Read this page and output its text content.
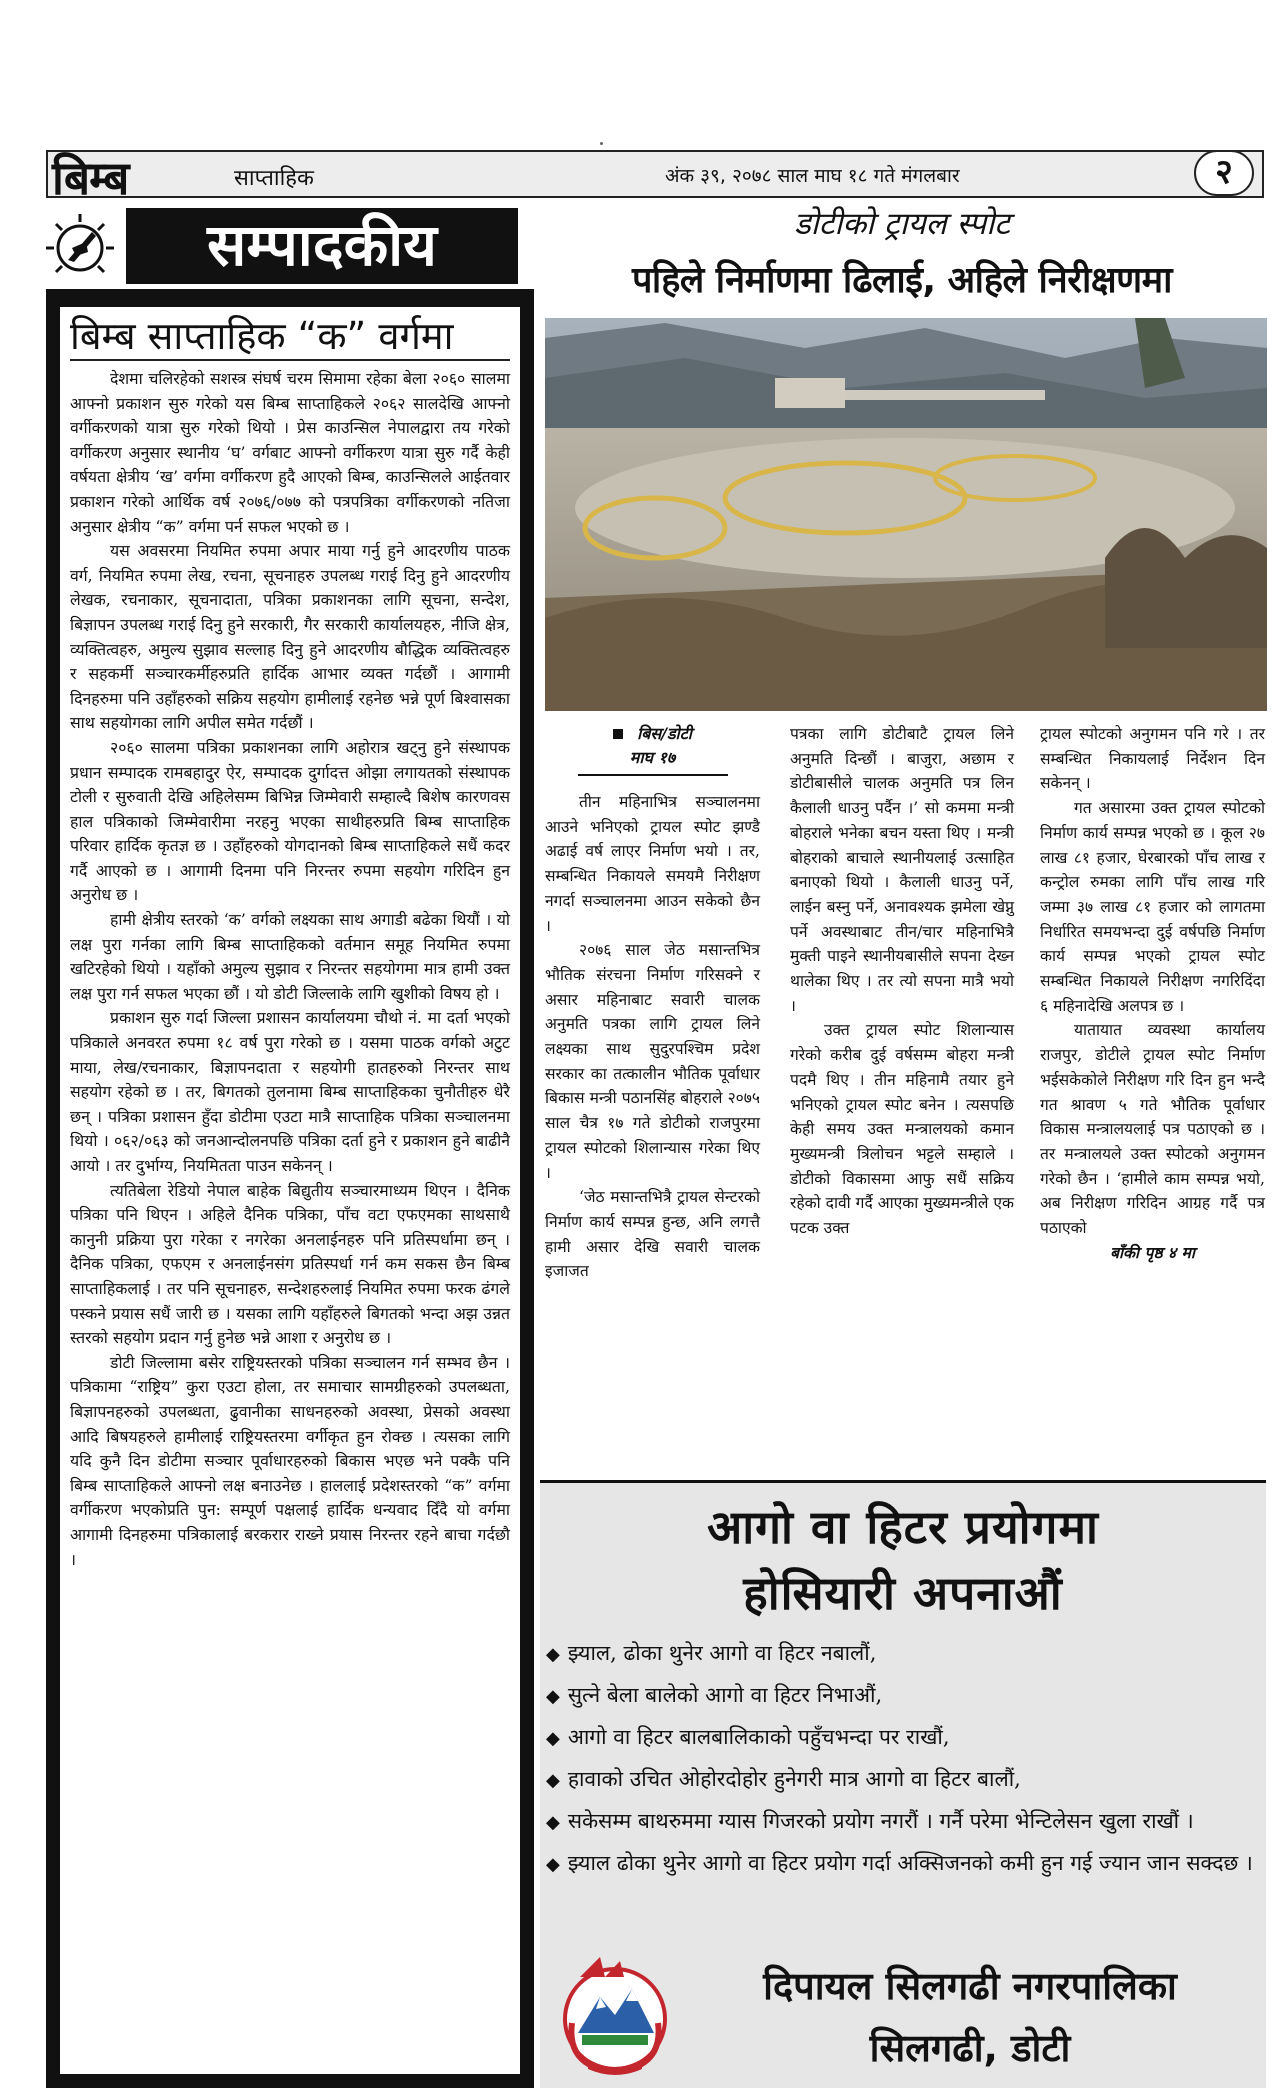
बिम्ब	साप्ताहिक	अंक ३९, २०७८ साल माघ १८ गते मंगलबार	२
सम्पादकीय
बिम्ब साप्ताहिक “क” वर्गमा

देशमा चलिरहेको सशस्त्र संघर्ष चरम सिमामा रहेका बेला २०६० सालमा आफ्नो प्रकाशन सुरु गरेको यस बिम्ब साप्ताहिकले २०६२ सालदेखि आफ्नो वर्गीकरणको यात्रा सुरु गरेको थियो । प्रेस काउन्सिल नेपालद्वारा तय गरेको वर्गीकरण अनुसार स्थानीय ‘घ’ वर्गबाट आफ्नो वर्गीकरण यात्रा सुरु गर्दै केही वर्षयता क्षेत्रीय ‘ख’ वर्गमा वर्गीकरण हुदै आएको बिम्ब, काउन्सिलले आईतवार प्रकाशन गरेको आर्थिक वर्ष २०७६/०७७ को पत्रपत्रिका वर्गीकरणको नतिजा अनुसार क्षेत्रीय “क” वर्गमा पर्न सफल भएको छ ।

यस अवसरमा नियमित रुपमा अपार माया गर्नु हुने आदरणीय पाठक वर्ग, नियमित रुपमा लेख, रचना, सूचनाहरु उपलब्ध गराई दिनु हुने आदरणीय लेखक, रचनाकार, सूचनादाता, पत्रिका प्रकाशनका लागि सूचना, सन्देश, बिज्ञापन उपलब्ध गराई दिनु हुने सरकारी, गैर सरकारी कार्यालयहरु, नीजि क्षेत्र, व्यक्तित्वहरु, अमुल्य सुझाव सल्लाह दिनु हुने आदरणीय बौद्धिक व्यक्तित्वहरु र सहकर्मी सञ्चारकर्मीहरुप्रति हार्दिक आभार व्यक्त गर्दछौं । आगामी दिनहरुमा पनि उहाँहरुको सक्रिय सहयोग हामीलाई रहनेछ भन्ने पूर्ण बिश्वासका साथ सहयोगका लागि अपील समेत गर्दछौं ।

२०६० सालमा पत्रिका प्रकाशनका लागि अहोरात्र खट्नु हुने संस्थापक प्रधान सम्पादक रामबहादुर ऐर, सम्पादक दुर्गादत्त ओझा लगायतको संस्थापक टोली र सुरुवाती देखि अहिलेसम्म बिभिन्न जिम्मेवारी सम्हाल्दै बिशेष कारणवस हाल पत्रिकाको जिम्मेवारीमा नरहनु भएका साथीहरुप्रति बिम्ब साप्ताहिक परिवार हार्दिक कृतज्ञ छ । उहाँहरुको योगदानको बिम्ब साप्ताहिकले सधैं कदर गर्दै आएको छ । आगामी दिनमा पनि निरन्तर रुपमा सहयोग गरिदिन हुन अनुरोध छ ।

हामी क्षेत्रीय स्तरको ‘क’ वर्गको लक्ष्यका साथ अगाडी बढेका थियौं । यो लक्ष पुरा गर्नका लागि बिम्ब साप्ताहिकको वर्तमान समूह नियमित रुपमा खटिरहेको थियो । यहाँको अमुल्य सुझाव र निरन्तर सहयोगमा मात्र हामी उक्त लक्ष पुरा गर्न सफल भएका छौं । यो डोटी जिल्लाके लागि खुशीको विषय हो ।

प्रकाशन सुरु गर्दा जिल्ला प्रशासन कार्यालयमा चौथो नं. मा दर्ता भएको पत्रिकाले अनवरत रुपमा १८ वर्ष पुरा गरेको छ । यसमा पाठक वर्गको अटुट माया, लेख/रचनाकार, बिज्ञापनदाता र सहयोगी हातहरुको निरन्तर साथ सहयोग रहेको छ । तर, बिगतको तुलनामा बिम्ब साप्ताहिकका चुनौतीहरु धेरै छन् । पत्रिका प्रशासन हुँदा डोटीमा एउटा मात्रै साप्ताहिक पत्रिका सञ्चालनमा थियो । ०६२/०६३ को जनआन्दोलनपछि पत्रिका दर्ता हुने र प्रकाशन हुने बाढीनै आयो । तर दुर्भाग्य, नियमितता पाउन सकेनन् ।

त्यतिबेला रेडियो नेपाल बाहेक बिद्युतीय सञ्चारमाध्यम थिएन । दैनिक पत्रिका पनि थिएन । अहिले दैनिक पत्रिका, पाँच वटा एफएमका साथसाथै कानुनी प्रक्रिया पुरा गरेका र नगरेका अनलाईनहरु पनि प्रतिस्पर्धामा छन् । दैनिक पत्रिका, एफएम र अनलाईनसंग प्रतिस्पर्धा गर्न कम सकस छैन बिम्ब साप्ताहिकलाई । तर पनि सूचनाहरु, सन्देशहरुलाई नियमित रुपमा फरक ढंगले पस्कने प्रयास सधैं जारी छ । यसका लागि यहाँहरुले बिगतको भन्दा अझ उन्नत स्तरको सहयोग प्रदान गर्नु हुनेछ भन्ने आशा र अनुरोध छ ।

डोटी जिल्लामा बसेर राष्ट्रियस्तरको पत्रिका सञ्चालन गर्न सम्भव छैन । पत्रिकामा “राष्ट्रिय” कुरा एउटा होला, तर समाचार सामग्रीहरुको उपलब्धता, बिज्ञापनहरुको उपलब्धता, ढुवानीका साधनहरुको अवस्था, प्रेसको अवस्था आदि बिषयहरुले हामीलाई राष्ट्रियस्तरमा वर्गीकृत हुन रोक्छ । त्यसका लागि यदि कुनै दिन डोटीमा सञ्चार पूर्वाधारहरुको बिकास भएछ भने पक्कै पनि बिम्ब साप्ताहिकले आफ्नो लक्ष बनाउनेछ । हाललाई प्रदेशस्तरको “क” वर्गमा वर्गीकरण भएकोप्रति पुन: सम्पूर्ण पक्षलाई हार्दिक धन्यवाद दिँदै यो वर्गमा आगामी दिनहरुमा पत्रिकालाई बरकरार राख्ने प्रयास निरन्तर रहने बाचा गर्दछौ ।

डोटीको ट्रायल स्पोट
पहिले निर्माणमा ढिलाई, अहिले निरीक्षणमा
बिस/डोटी
माघ १७

तीन महिनाभित्र सञ्चालनमा आउने भनिएको ट्रायल स्पोट झण्डै अढाई वर्ष लाएर निर्माण भयो । तर, सम्बन्धित निकायले समयमै निरीक्षण नगर्दा सञ्चालनमा आउन सकेको छैन ।

२०७६ साल जेठ मसान्तभित्र भौतिक संरचना निर्माण गरिसक्ने र असार महिनाबाट सवारी चालक अनुमति पत्रका लागि ट्रायल लिने लक्ष्यका साथ सुदुरपश्चिम प्रदेश सरकार का तत्कालीन भौतिक पूर्वाधार बिकास मन्त्री पठानसिंह बोहराले २०७५ साल चैत्र १७ गते डोटीको राजपुरमा ट्रायल स्पोटको शिलान्यास गरेका थिए ।

‘जेठ मसान्तभित्रै ट्रायल सेन्टरको निर्माण कार्य सम्पन्न हुन्छ, अनि लगत्तै हामी असार देखि सवारी चालक इजाजत

पत्रका लागि डोटीबाटै ट्रायल लिने अनुमति दिन्छौं । बाजुरा, अछाम र डोटीबासीले चालक अनुमति पत्र लिन कैलाली धाउनु पर्दैन ।’ सो कममा मन्त्री बोहराले भनेका बचन यस्ता थिए । मन्त्री बोहराको बाचाले स्थानीयलाई उत्साहित बनाएको थियो । कैलाली धाउनु पर्ने, लाईन बस्नु पर्ने, अनावश्यक झमेला खेप्नु पर्ने अवस्थाबाट तीन/चार महिनाभित्रै मुक्ती पाइने स्थानीयबासीले सपना देख्न थालेका थिए । तर त्यो सपना मात्रै भयो ।

उक्त ट्रायल स्पोट शिलान्यास गरेको करीब दुई वर्षसम्म बोहरा मन्त्री पदमै थिए । तीन महिनामै तयार हुने भनिएको ट्रायल स्पोट बनेन । त्यसपछि केही समय उक्त मन्त्रालयको कमान मुख्यमन्त्री त्रिलोचन भट्टले सम्हाले । डोटीको विकासमा आफु सधैं सक्रिय रहेको दावी गर्दै आएका मुख्यमन्त्रीले एक पटक उक्त

ट्रायल स्पोटको अनुगमन पनि गरे । तर सम्बन्धित निकायलाई निर्देशन दिन सकेनन् ।

गत असारमा उक्त ट्रायल स्पोटको निर्माण कार्य सम्पन्न भएको छ । कूल २७ लाख ८१ हजार, घेरबारको पाँच लाख र कन्ट्रोल रुमका लागि पाँच लाख गरि जम्मा ३७ लाख ८१ हजार को लागतमा निर्धारित समयभन्दा दुई वर्षपछि निर्माण कार्य सम्पन्न भएको ट्रायल स्पोट सम्बन्धित निकायले निरीक्षण नगरिदिंदा ६ महिनादेखि अलपत्र छ ।

यातायात व्यवस्था कार्यालय राजपुर, डोटीले ट्रायल स्पोट निर्माण भईसकेकोले निरीक्षण गरि दिन हुन भन्दै गत श्रावण ५ गते भौतिक पूर्वाधार विकास मन्त्रालयलाई पत्र पठाएको छ । तर मन्त्रालयले उक्त स्पोटको अनुगमन गरेको छैन । ‘हामीले काम सम्पन्न भयो, अब निरीक्षण गरिदिन आग्रह गर्दै पत्र पठाएको

बाँकी पृष्ठ ४ मा

आगो वा हिटर प्रयोगमा
होसियारी अपनाऔं

◆ झ्याल, ढोका थुनेर आगो वा हिटर नबालौं,

◆ सुत्ने बेला बालेको आगो वा हिटर निभाऔं,

◆ आगो वा हिटर बालबालिकाको पहुँचभन्दा पर राखौं,

◆ हावाको उचित ओहोरदोहोर हुनेगरी मात्र आगो वा हिटर बालौं,

◆ सकेसम्म बाथरुममा ग्यास गिजरको प्रयोग नगरौं । गर्नै परेमा भेन्टिलेसन खुला राखौं ।

◆ झ्याल ढोका थुनेर आगो वा हिटर प्रयोग गर्दा अक्सिजनको कमी हुन गई ज्यान जान सक्दछ ।

दिपायल सिलगढी नगरपालिका
सिलगढी, डोटी
